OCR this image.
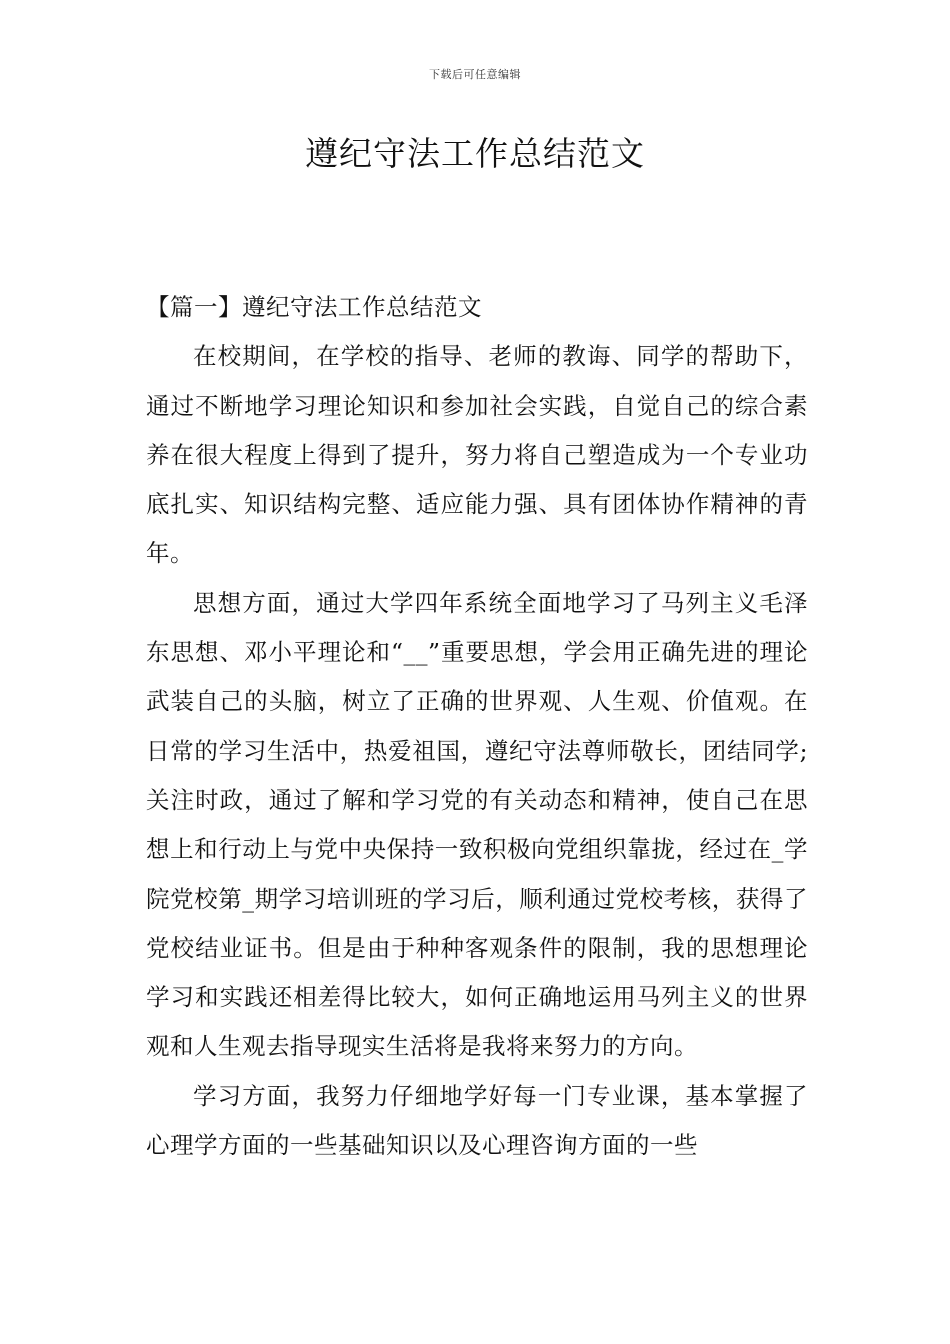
下载后可任意编辑
遵纪守法工作总结范文

【篇一】遵纪守法工作总结范文

在校期间，在学校的指导、老师的教诲、同学的帮助下，通过不断地学习理论知识和参加社会实践，自觉自己的综合素养在很大程度上得到了提升，努力将自己塑造成为一个专业功底扎实、知识结构完整、适应能力强、具有团体协作精神的青年。

思想方面，通过大学四年系统全面地学习了马列主义毛泽东思想、邓小平理论和“__”重要思想，学会用正确先进的理论武装自己的头脑，树立了正确的世界观、人生观、价值观。在日常的学习生活中，热爱祖国，遵纪守法尊师敬长，团结同学;关注时政，通过了解和学习党的有关动态和精神，使自己在思想上和行动上与党中央保持一致积极向党组织靠拢，经过在_学院党校第_期学习培训班的学习后，顺利通过党校考核，获得了党校结业证书。但是由于种种客观条件的限制，我的思想理论学习和实践还相差得比较大，如何正确地运用马列主义的世界观和人生观去指导现实生活将是我将来努力的方向。

学习方面，我努力仔细地学好每一门专业课，基本掌握了心理学方面的一些基础知识以及心理咨询方面的一些
